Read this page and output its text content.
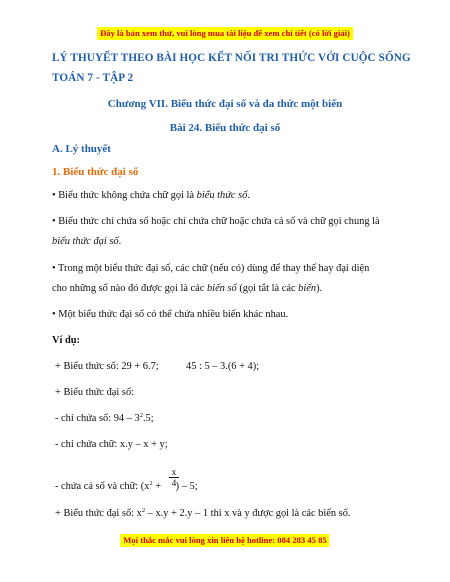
Đây là bản xem thử, vui lòng mua tài liệu để xem chi tiết (có lời giải)
LÝ THUYẾT THEO BÀI HỌC KẾT NỐI TRI THỨC VỚI CUỘC SỐNG
TOÁN 7 - TẬP 2
Chương VII. Biểu thức đại số và đa thức một biến
Bài 24. Biểu thức đại số
A. Lý thuyết
1. Biểu thức đại số
• Biểu thức không chứa chữ gọi là biểu thức số.
• Biểu thức chỉ chứa số hoặc chỉ chứa chữ hoặc chứa cả số và chữ gọi chung là
biểu thức đại số.
• Trong một biểu thức đại số, các chữ (nếu có) dùng để thay thế hay đại diện
cho những số nào đó được gọi là các biến số (gọi tắt là các biến).
• Một biểu thức đại số có thể chứa nhiều biến khác nhau.
Ví dụ:
+ Biểu thức số: 29 + 6.7;	45 : 5 – 3.(6 + 4);
+ Biểu thức đại số:
- chỉ chứa số: $94 - 3^2.5$;
- chỉ chứa chữ: x.y – x + y;
- chứa cả số và chữ: ($x^2$ + ) – 5;
x
4
+ Biểu thức đại số: $x^2 - x.y + 2.y - 1$ thì x và y được gọi là các biến số.
Mọi thắc mắc vui lòng xin liên hệ hotline: 084 283 45 85
